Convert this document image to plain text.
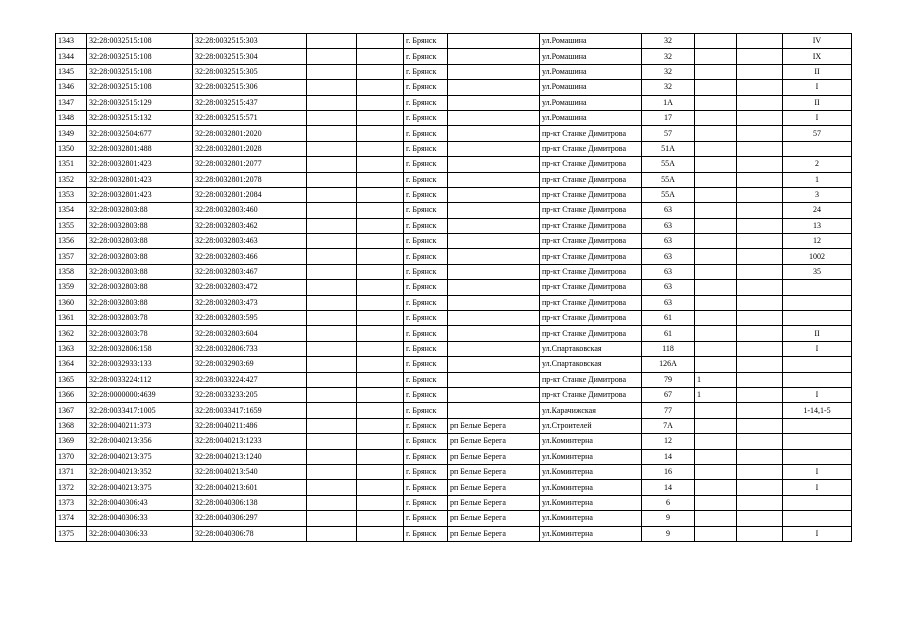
1343	32:28:0032515:108	32:28:0032515:303			г. Брянск		ул.Ромашина	32			IV
1344	32:28:0032515:108	32:28:0032515:304			г. Брянск		ул.Ромашина	32			IX
1345	32:28:0032515:108	32:28:0032515:305			г. Брянск		ул.Ромашина	32			II
1346	32:28:0032515:108	32:28:0032515:306			г. Брянск		ул.Ромашина	32			I
1347	32:28:0032515:129	32:28:0032515:437			г. Брянск		ул.Ромашина	1А			II
1348	32:28:0032515:132	32:28:0032515:571			г. Брянск		ул.Ромашина	17			I
1349	32:28:0032504:677	32:28:0032801:2020			г. Брянск		пр-кт Станке Димитрова	57			57
1350	32:28:0032801:488	32:28:0032801:2028			г. Брянск		пр-кт Станке Димитрова	51А			
1351	32:28:0032801:423	32:28:0032801:2077			г. Брянск		пр-кт Станке Димитрова	55А			2
1352	32:28:0032801:423	32:28:0032801:2078			г. Брянск		пр-кт Станке Димитрова	55А			1
1353	32:28:0032801:423	32:28:0032801:2084			г. Брянск		пр-кт Станке Димитрова	55А			3
1354	32:28:0032803:88	32:28:0032803:460			г. Брянск		пр-кт Станке Димитрова	63			24
1355	32:28:0032803:88	32:28:0032803:462			г. Брянск		пр-кт Станке Димитрова	63			13
1356	32:28:0032803:88	32:28:0032803:463			г. Брянск		пр-кт Станке Димитрова	63			12
1357	32:28:0032803:88	32:28:0032803:466			г. Брянск		пр-кт Станке Димитрова	63			1002
1358	32:28:0032803:88	32:28:0032803:467			г. Брянск		пр-кт Станке Димитрова	63			35
1359	32:28:0032803:88	32:28:0032803:472			г. Брянск		пр-кт Станке Димитрова	63			
1360	32:28:0032803:88	32:28:0032803:473			г. Брянск		пр-кт Станке Димитрова	63			
1361	32:28:0032803:78	32:28:0032803:595			г. Брянск		пр-кт Станке Димитрова	61			
1362	32:28:0032803:78	32:28:0032803:604			г. Брянск		пр-кт Станке Димитрова	61			II
1363	32:28:0032806:158	32:28:0032806:733			г. Брянск		ул.Спартаковская	118			I
1364	32:28:0032933:133	32:28:0032903:69			г. Брянск		ул.Спартаковская	126А			
1365	32:28:0033224:112	32:28:0033224:427			г. Брянск		пр-кт Станке Димитрова	79	1		
1366	32:28:0000000:4639	32:28:0033233:205			г. Брянск		пр-кт Станке Димитрова	67	1		I
1367	32:28:0033417:1005	32:28:0033417:1659			г. Брянск		ул.Карачижская	77			1-14,1-5
1368	32:28:0040211:373	32:28:0040211:486			г. Брянск	рп Белые Берега	ул.Строителей	7А			
1369	32:28:0040213:356	32:28:0040213:1233			г. Брянск	рп Белые Берега	ул.Коминтерна	12			
1370	32:28:0040213:375	32:28:0040213:1240			г. Брянск	рп Белые Берега	ул.Коминтерна	14			
1371	32:28:0040213:352	32:28:0040213:540			г. Брянск	рп Белые Берега	ул.Коминтерна	16			I
1372	32:28:0040213:375	32:28:0040213:601			г. Брянск	рп Белые Берега	ул.Коминтерна	14			I
1373	32:28:0040306:43	32:28:0040306:138			г. Брянск	рп Белые Берега	ул.Коминтерна	6			
1374	32:28:0040306:33	32:28:0040306:297			г. Брянск	рп Белые Берега	ул.Коминтерна	9			
1375	32:28:0040306:33	32:28:0040306:78			г. Брянск	рп Белые Берега	ул.Коминтерна	9			I
